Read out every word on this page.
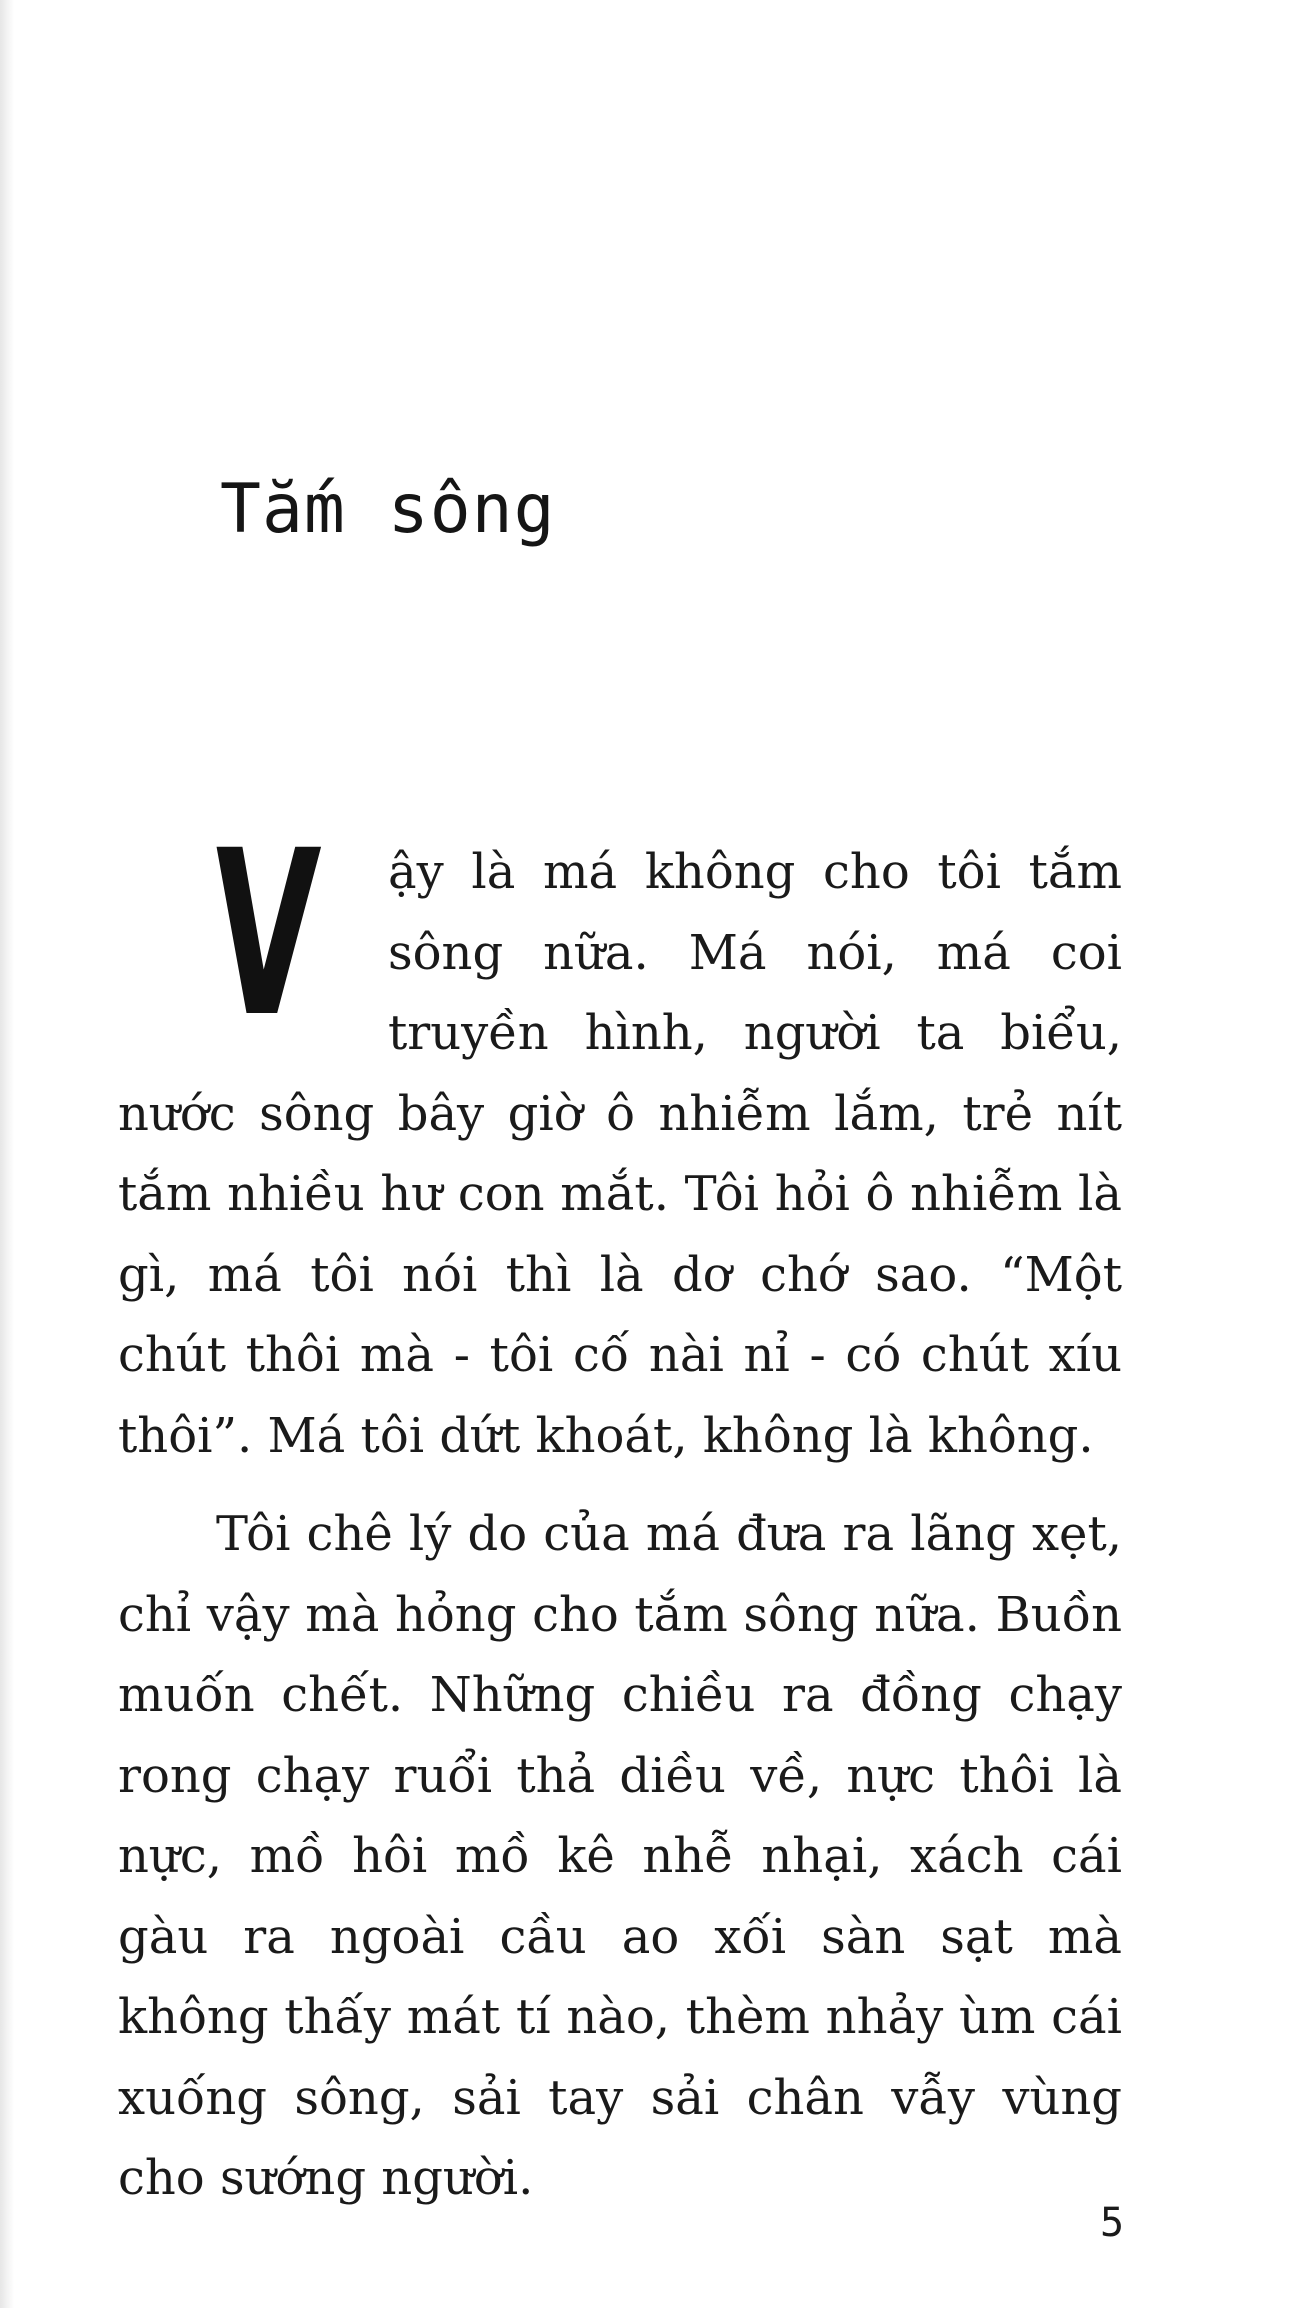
Tắm sông

V ậy là má không cho tôi tắm sông nữa. Má nói, má coi truyền hình, người ta biểu, nước sông bây giờ ô nhiễm lắm, trẻ nít tắm nhiều hư con mắt. Tôi hỏi ô nhiễm là gì, má tôi nói thì là dơ chớ sao. “Một chút thôi mà - tôi cố nài nỉ - có chút xíu thôi”. Má tôi dứt khoát, không là không.

Tôi chê lý do của má đưa ra lãng xẹt, chỉ vậy mà hỏng cho tắm sông nữa. Buồn muốn chết. Những chiều ra đồng chạy rong chạy ruổi thả diều về, nực thôi là nực, mồ hôi mồ kê nhễ nhại, xách cái gàu ra ngoài cầu ao xối sàn sạt mà không thấy mát tí nào, thèm nhảy ùm cái xuống sông, sải tay sải chân vẫy vùng cho sướng người.

5
